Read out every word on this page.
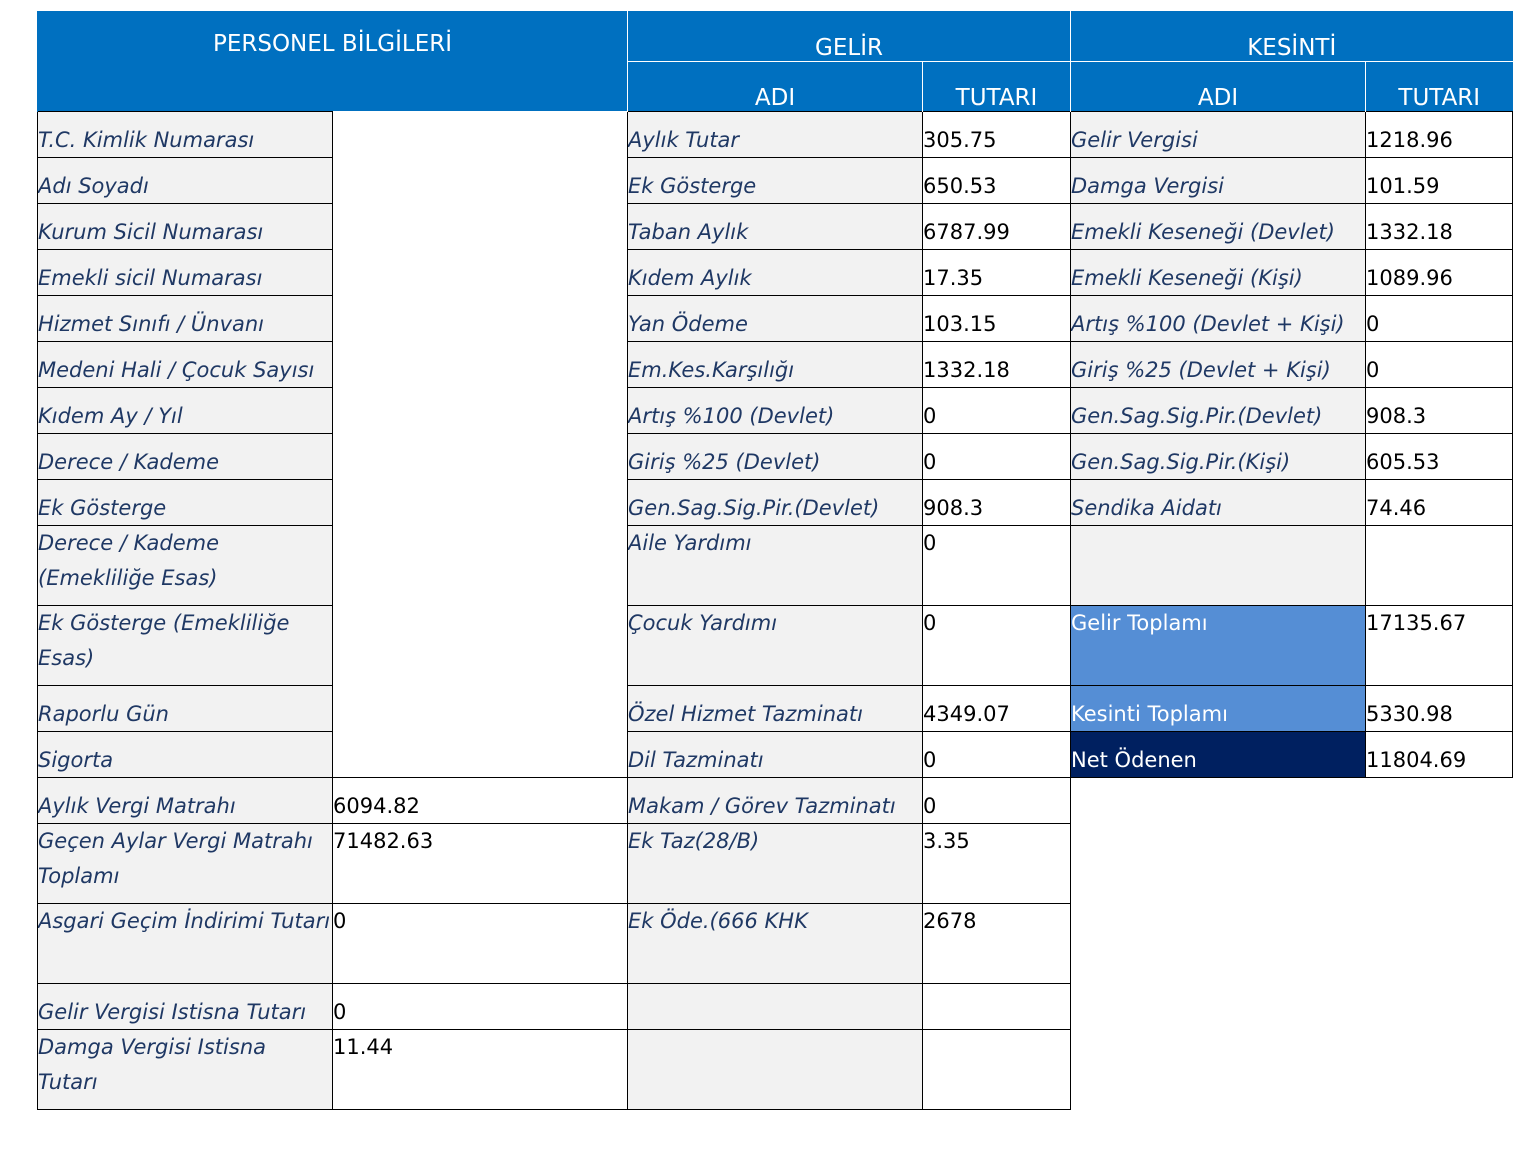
PERSONEL BİLGİLERİ		GELİR		KESİNTİ	
		ADI	TUTARI	ADI	TUTARI
T.C. Kimlik Numarası		Aylık Tutar	305.75	Gelir Vergisi	1218.96
Adı Soyadı		Ek Gösterge	650.53	Damga Vergisi	101.59
Kurum Sicil Numarası		Taban Aylık	6787.99	Emekli Keseneği (Devlet)	1332.18
Emekli sicil Numarası		Kıdem Aylık	17.35	Emekli Keseneği (Kişi)	1089.96
Hizmet Sınıfı / Ünvanı		Yan Ödeme	103.15	Artış %100 (Devlet + Kişi)	0
Medeni Hali / Çocuk Sayısı		Em.Kes.Karşılığı	1332.18	Giriş %25 (Devlet + Kişi)	0
Kıdem Ay / Yıl		Artış %100 (Devlet)	0	Gen.Sag.Sig.Pir.(Devlet)	908.3
Derece / Kademe		Giriş %25 (Devlet)	0	Gen.Sag.Sig.Pir.(Kişi)	605.53
Ek Gösterge		Gen.Sag.Sig.Pir.(Devlet)	908.3	Sendika Aidatı	74.46
Derece / Kademe (Emekliliğe Esas)		Aile Yardımı	0		
Ek Gösterge (Emekliliğe Esas)		Çocuk Yardımı	0	Gelir Toplamı	17135.67
Raporlu Gün		Özel Hizmet Tazminatı	4349.07	Kesinti Toplamı	5330.98
Sigorta		Dil Tazminatı	0	Net Ödenen	11804.69
Aylık Vergi Matrahı	6094.82	Makam / Görev Tazminatı	0		
Geçen Aylar Vergi Matrahı Toplamı	71482.63	Ek Taz(28/B)	3.35		
Asgari Geçim İndirimi Tutarı	0	Ek Öde.(666 KHK	2678		
Gelir Vergisi Istisna Tutarı	0				
Damga Vergisi Istisna Tutarı	11.44				
